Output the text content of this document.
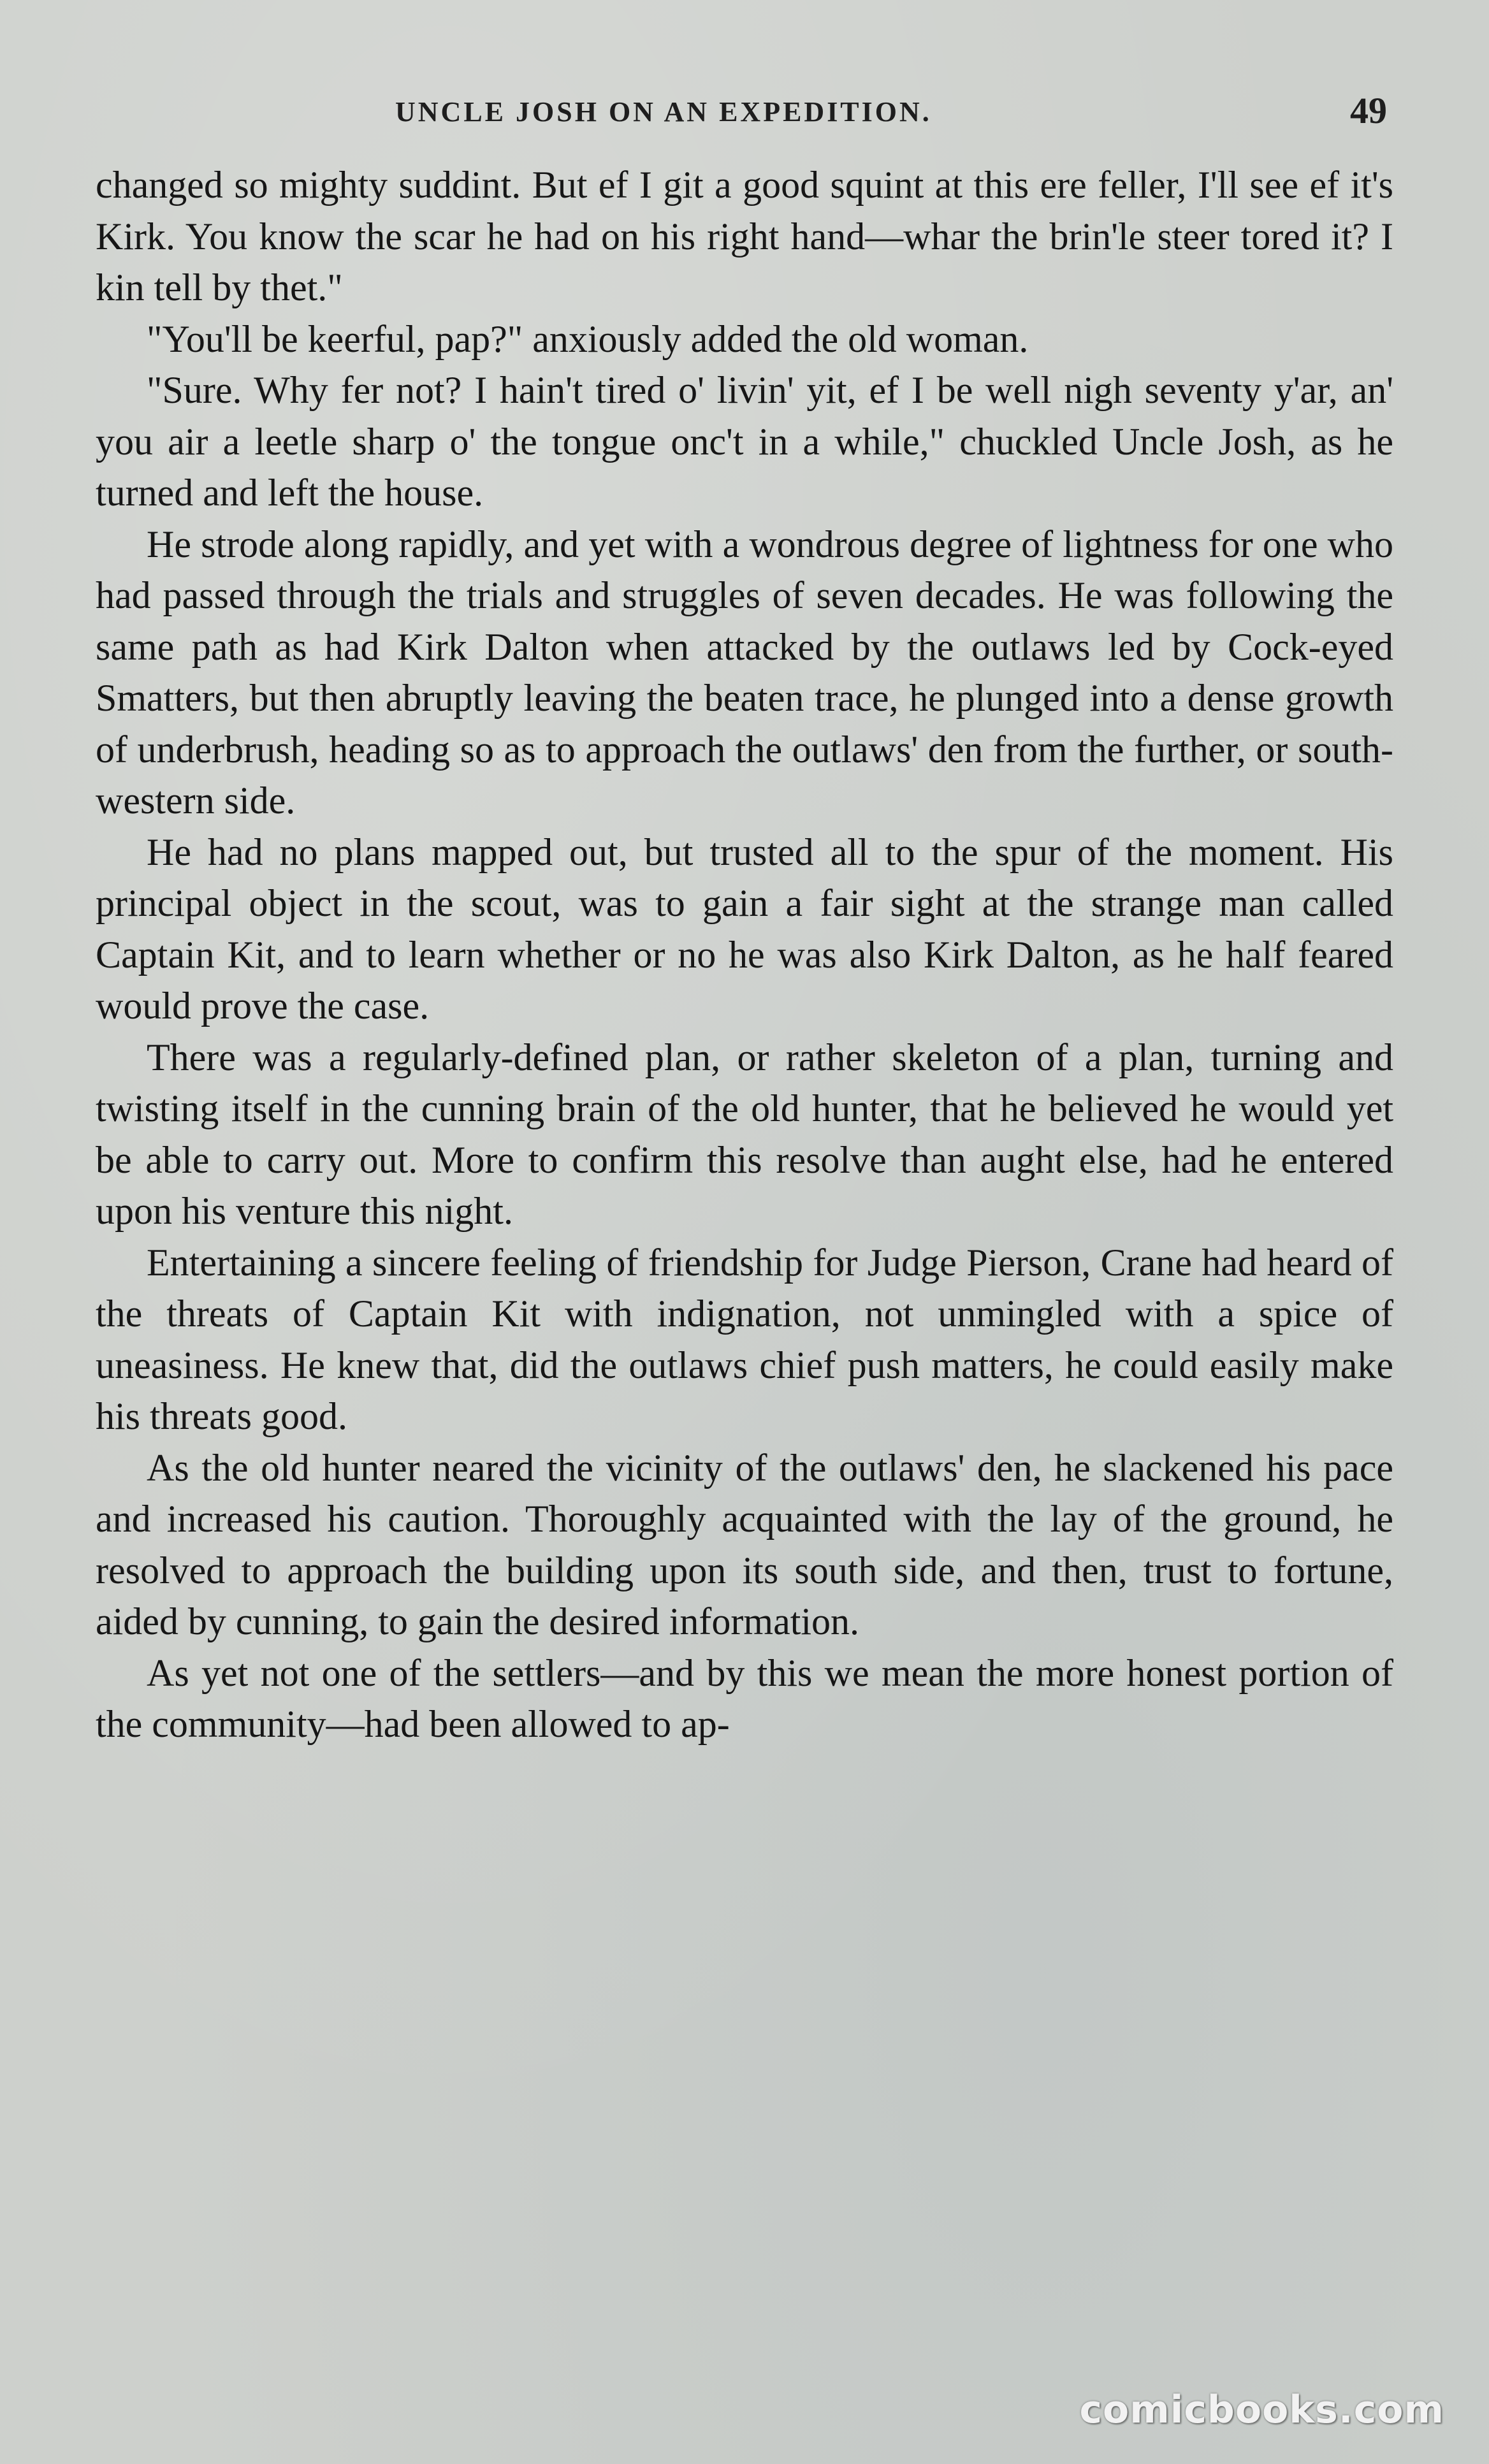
UNCLE JOSH ON AN EXPEDITION.	49

changed so mighty suddint. But ef I git a good squint at this ere feller, I'll see ef it's Kirk. You know the scar he had on his right hand—whar the brin'le steer tored it? I kin tell by thet."

"You'll be keerful, pap?" anxiously added the old woman.

"Sure. Why fer not? I hain't tired o' livin' yit, ef I be well nigh seventy y'ar, an' you air a leetle sharp o' the tongue onc't in a while," chuckled Uncle Josh, as he turned and left the house.

He strode along rapidly, and yet with a wondrous degree of lightness for one who had passed through the trials and struggles of seven decades. He was following the same path as had Kirk Dalton when attacked by the outlaws led by Cock-eyed Smatters, but then abruptly leaving the beaten trace, he plunged into a dense growth of underbrush, heading so as to approach the outlaws' den from the further, or south-western side.

He had no plans mapped out, but trusted all to the spur of the moment. His principal object in the scout, was to gain a fair sight at the strange man called Captain Kit, and to learn whether or no he was also Kirk Dalton, as he half feared would prove the case.

There was a regularly-defined plan, or rather skeleton of a plan, turning and twisting itself in the cunning brain of the old hunter, that he believed he would yet be able to carry out. More to confirm this resolve than aught else, had he entered upon his venture this night.

Entertaining a sincere feeling of friendship for Judge Pierson, Crane had heard of the threats of Captain Kit with indignation, not unmingled with a spice of uneasiness. He knew that, did the outlaws chief push matters, he could easily make his threats good.

As the old hunter neared the vicinity of the outlaws' den, he slackened his pace and increased his caution. Thoroughly acquainted with the lay of the ground, he resolved to approach the building upon its south side, and then, trust to fortune, aided by cunning, to gain the desired information.

As yet not one of the settlers—and by this we mean the more honest portion of the community—had been allowed to ap-

comicbooks.com
